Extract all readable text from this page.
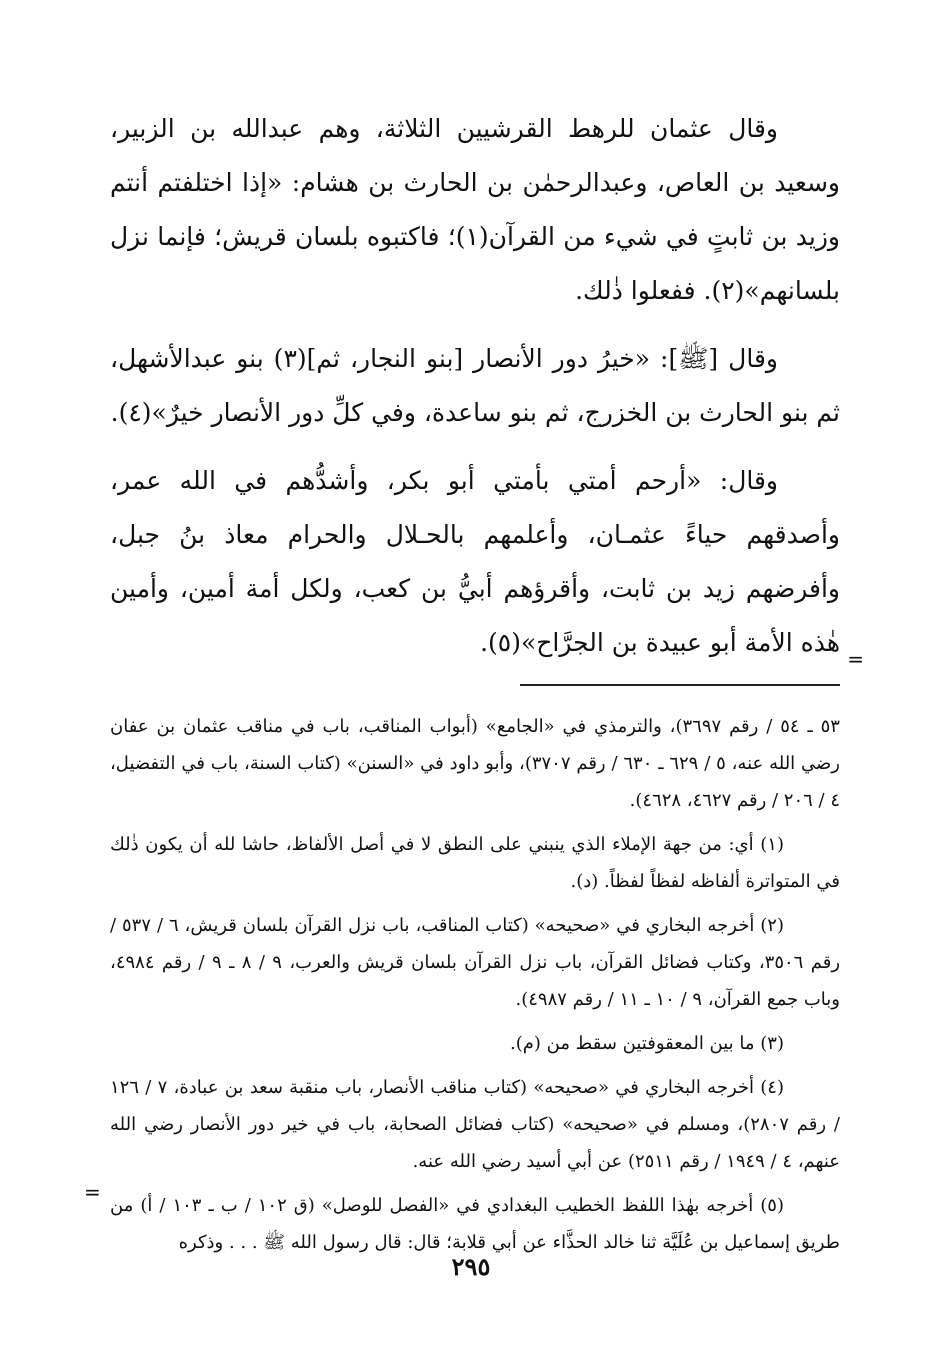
=

وقال عثمان للرهط القرشيين الثلاثة، وهم عبدالله بن الزبير، وسعيد بن العاص، وعبدالرحمٰن بن الحارث بن هشام: «إذا اختلفتم أنتم وزيد بن ثابتٍ في شيء من القرآن(١)؛ فاكتبوه بلسان قريش؛ فإنما نزل بلسانهم»(٢). ففعلوا ذٰلك.

وقال [ﷺ]: «خيرُ دور الأنصار [بنو النجار، ثم](٣) بنو عبدالأشهل، ثم بنو الحارث بن الخزرج، ثم بنو ساعدة، وفي كلِّ دور الأنصار خيرٌ»(٤).

وقال: «أرحم أمتي بأمتي أبو بكر، وأشدُّهم في الله عمر، وأصدقهم حياءً عثمـان، وأعلمهم بالحـلال والحرام معاذ بنُ جبل، وأفرضهم زيد بن ثابت، وأقرؤهم أبيُّ بن كعب، ولكل أمة أمين، وأمين هٰذه الأمة أبو عبيدة بن الجرَّاح»(٥).

٥٣ ـ ٥٤ / رقم ٣٦٩٧)، والترمذي في «الجامع» (أبواب المناقب، باب في مناقب عثمان بن عفان رضي الله عنه، ٥ / ٦٢٩ ـ ٦٣٠ / رقم ٣٧٠٧)، وأبو داود في «السنن» (كتاب السنة، باب في التفضيل، ٤ / ٢٠٦ / رقم ٤٦٢٧، ٤٦٢٨).

(١) أي: من جهة الإملاء الذي ينبني على النطق لا في أصل الألفاظ، حاشا لله أن يكون ذٰلك في المتواترة ألفاظه لفظاً لفظاً. (د).

(٢) أخرجه البخاري في «صحيحه» (كتاب المناقب، باب نزل القرآن بلسان قريش، ٦ / ٥٣٧ / رقم ٣٥٠٦، وكتاب فضائل القرآن، باب نزل القرآن بلسان قريش والعرب، ٩ / ٨ ـ ٩ / رقم ٤٩٨٤، وباب جمع القرآن، ٩ / ١٠ ـ ١١ / رقم ٤٩٨٧).

(٣) ما بين المعقوفتين سقط من (م).

(٤) أخرجه البخاري في «صحيحه» (كتاب مناقب الأنصار، باب منقبة سعد بن عبادة، ٧ / ١٢٦ / رقم ٢٨٠٧)، ومسلم في «صحيحه» (كتاب فضائل الصحابة، باب في خير دور الأنصار رضي الله عنهم، ٤ / ١٩٤٩ / رقم ٢٥١١) عن أبي أسيد رضي الله عنه.

(٥) أخرجه بهٰذا اللفظ الخطيب البغدادي في «الفصل للوصل» (ق ١٠٢ / ب ـ ١٠٣ / أ) من طريق إسماعيل بن عُلَيَّة ثنا خالد الحذَّاء عن أبي قلابة؛ قال: قال رسول الله ﷺ . . . وذكره

=
٢٩٥
